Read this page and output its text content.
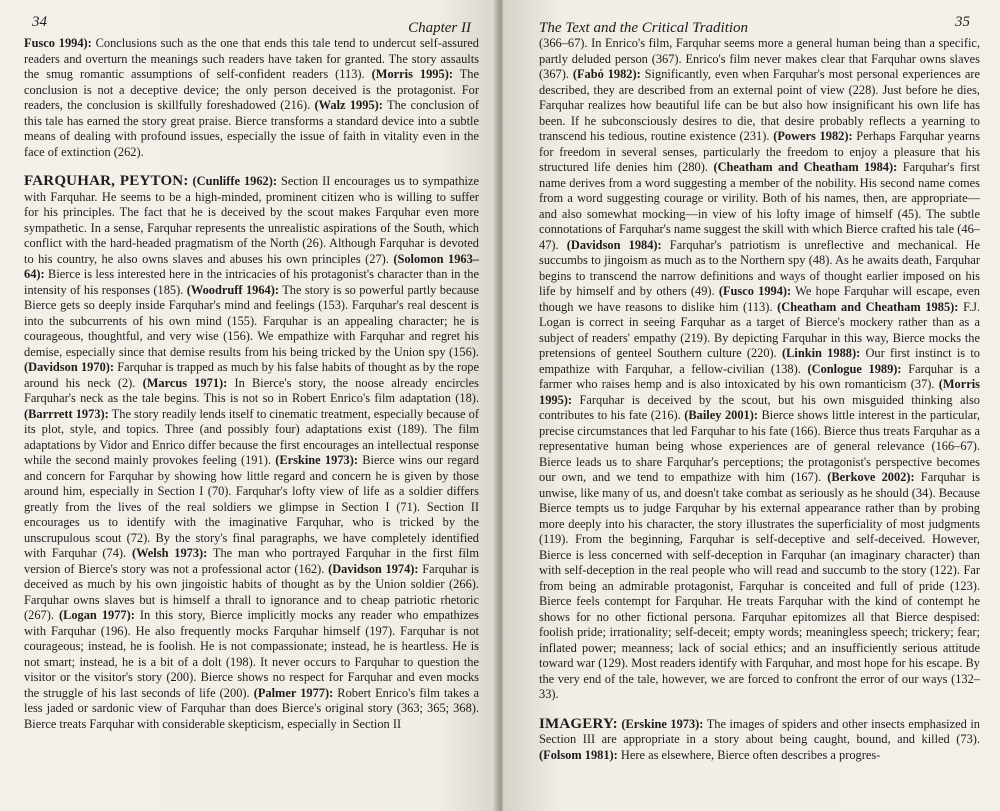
34	Chapter II

Fusco 1994): Conclusions such as the one that ends this tale tend to undercut self-assured readers and overturn the meanings such readers have taken for granted. The story assaults the smug romantic assumptions of self-confident readers (113). (Morris 1995): The conclusion is not a deceptive device; the only person deceived is the protagonist. For readers, the conclusion is skillfully foreshadowed (216). (Walz 1995): The conclusion of this tale has earned the story great praise. Bierce transforms a standard device into a subtle means of dealing with profound issues, especially the issue of faith in vitality even in the face of extinction (262).

FARQUHAR, PEYTON: (Cunliffe 1962): Section II encourages us to sympathize with Farquhar. He seems to be a high-minded, prominent citizen who is willing to suffer for his principles. The fact that he is deceived by the scout makes Farquhar even more sympathetic. In a sense, Farquhar represents the unrealistic aspirations of the South, which conflict with the hard-headed pragmatism of the North (26). Although Farquhar is devoted to his country, he also owns slaves and abuses his own principles (27). (Solomon 1963–64): Bierce is less interested here in the intricacies of his protagonist's character than in the intensity of his responses (185). (Woodruff 1964): The story is so powerful partly because Bierce gets so deeply inside Farquhar's mind and feelings (153). Farquhar's real descent is into the subcurrents of his own mind (155). Farquhar is an appealing character; he is courageous, thoughtful, and very wise (156). We empathize with Farquhar and regret his demise, especially since that demise results from his being tricked by the Union spy (156). (Davidson 1970): Farquhar is trapped as much by his false habits of thought as by the rope around his neck (2). (Marcus 1971): In Bierce's story, the noose already encircles Farquhar's neck as the tale begins. This is not so in Robert Enrico's film adaptation (18). (Barrrett 1973): The story readily lends itself to cinematic treatment, especially because of its plot, style, and topics. Three (and possibly four) adaptations exist (189). The film adaptations by Vidor and Enrico differ because the first encourages an intellectual response while the second mainly provokes feeling (191). (Erskine 1973): Bierce wins our regard and concern for Farquhar by showing how little regard and concern he is given by those around him, especially in Section I (70). Farquhar's lofty view of life as a soldier differs greatly from the lives of the real soldiers we glimpse in Section I (71). Section II encourages us to identify with the imaginative Farquhar, who is tricked by the unscrupulous scout (72). By the story's final paragraphs, we have completely identified with Farquhar (74). (Welsh 1973): The man who portrayed Farquhar in the first film version of Bierce's story was not a professional actor (162). (Davidson 1974): Farquhar is deceived as much by his own jingoistic habits of thought as by the Union soldier (266). Farquhar owns slaves but is himself a thrall to ignorance and to cheap patriotic rhetoric (267). (Logan 1977): In this story, Bierce implicitly mocks any reader who empathizes with Farquhar (196). He also frequently mocks Farquhar himself (197). Farquhar is not courageous; instead, he is foolish. He is not compassionate; instead, he is heartless. He is not smart; instead, he is a bit of a dolt (198). It never occurs to Farquhar to question the visitor or the visitor's story (200). Bierce shows no respect for Farquhar and even mocks the struggle of his last seconds of life (200). (Palmer 1977): Robert Enrico's film takes a less jaded or sardonic view of Farquhar than does Bierce's original story (363; 365; 368). Bierce treats Farquhar with considerable skepticism, especially in Section II

The Text and the Critical Tradition	35

(366–67). In Enrico's film, Farquhar seems more a general human being than a specific, partly deluded person (367). Enrico's film never makes clear that Farquhar owns slaves (367). (Fabó 1982): Significantly, even when Farquhar's most personal experiences are described, they are described from an external point of view (228). Just before he dies, Farquhar realizes how beautiful life can be but also how insignificant his own life has been. If he subconsciously desires to die, that desire probably reflects a yearning to transcend his tedious, routine existence (231). (Powers 1982): Perhaps Farquhar yearns for freedom in several senses, particularly the freedom to enjoy a pleasure that his structured life denies him (280). (Cheatham and Cheatham 1984): Farquhar's first name derives from a word suggesting a member of the nobility. His second name comes from a word suggesting courage or virility. Both of his names, then, are appropriate—and also somewhat mocking—in view of his lofty image of himself (45). The subtle connotations of Farquhar's name suggest the skill with which Bierce crafted his tale (46–47). (Davidson 1984): Farquhar's patriotism is unreflective and mechanical. He succumbs to jingoism as much as to the Northern spy (48). As he awaits death, Farquhar begins to transcend the narrow definitions and ways of thought earlier imposed on his life by himself and by others (49). (Fusco 1994): We hope Farquhar will escape, even though we have reasons to dislike him (113). (Cheatham and Cheatham 1985): F.J. Logan is correct in seeing Farquhar as a target of Bierce's mockery rather than as a subject of readers' empathy (219). By depicting Farquhar in this way, Bierce mocks the pretensions of genteel Southern culture (220). (Linkin 1988): Our first instinct is to empathize with Farquhar, a fellow-civilian (138). (Conlogue 1989): Farquhar is a farmer who raises hemp and is also intoxicated by his own romanticism (37). (Morris 1995): Farquhar is deceived by the scout, but his own misguided thinking also contributes to his fate (216). (Bailey 2001): Bierce shows little interest in the particular, precise circumstances that led Farquhar to his fate (166). Bierce thus treats Farquhar as a representative human being whose experiences are of general relevance (166–67). Bierce leads us to share Farquhar's perceptions; the protagonist's perspective becomes our own, and we tend to empathize with him (167). (Berkove 2002): Farquhar is unwise, like many of us, and doesn't take combat as seriously as he should (34). Because Bierce tempts us to judge Farquhar by his external appearance rather than by probing more deeply into his character, the story illustrates the superficiality of most judgments (119). From the beginning, Farquhar is self-deceptive and self-deceived. However, Bierce is less concerned with self-deception in Farquhar (an imaginary character) than with self-deception in the real people who will read and succumb to the story (122). Far from being an admirable protagonist, Farquhar is conceited and full of pride (123). Bierce feels contempt for Farquhar. He treats Farquhar with the kind of contempt he shows for no other fictional persona. Farquhar epitomizes all that Bierce despised: foolish pride; irrationality; self-deceit; empty words; meaningless speech; trickery; fear; inflated power; meanness; lack of social ethics; and an insufficiently serious attitude toward war (129). Most readers identify with Farquhar, and most hope for his escape. By the very end of the tale, however, we are forced to confront the error of our ways (132–33).

IMAGERY: (Erskine 1973): The images of spiders and other insects emphasized in Section III are appropriate in a story about being caught, bound, and killed (73). (Folsom 1981): Here as elsewhere, Bierce often describes a progres-
